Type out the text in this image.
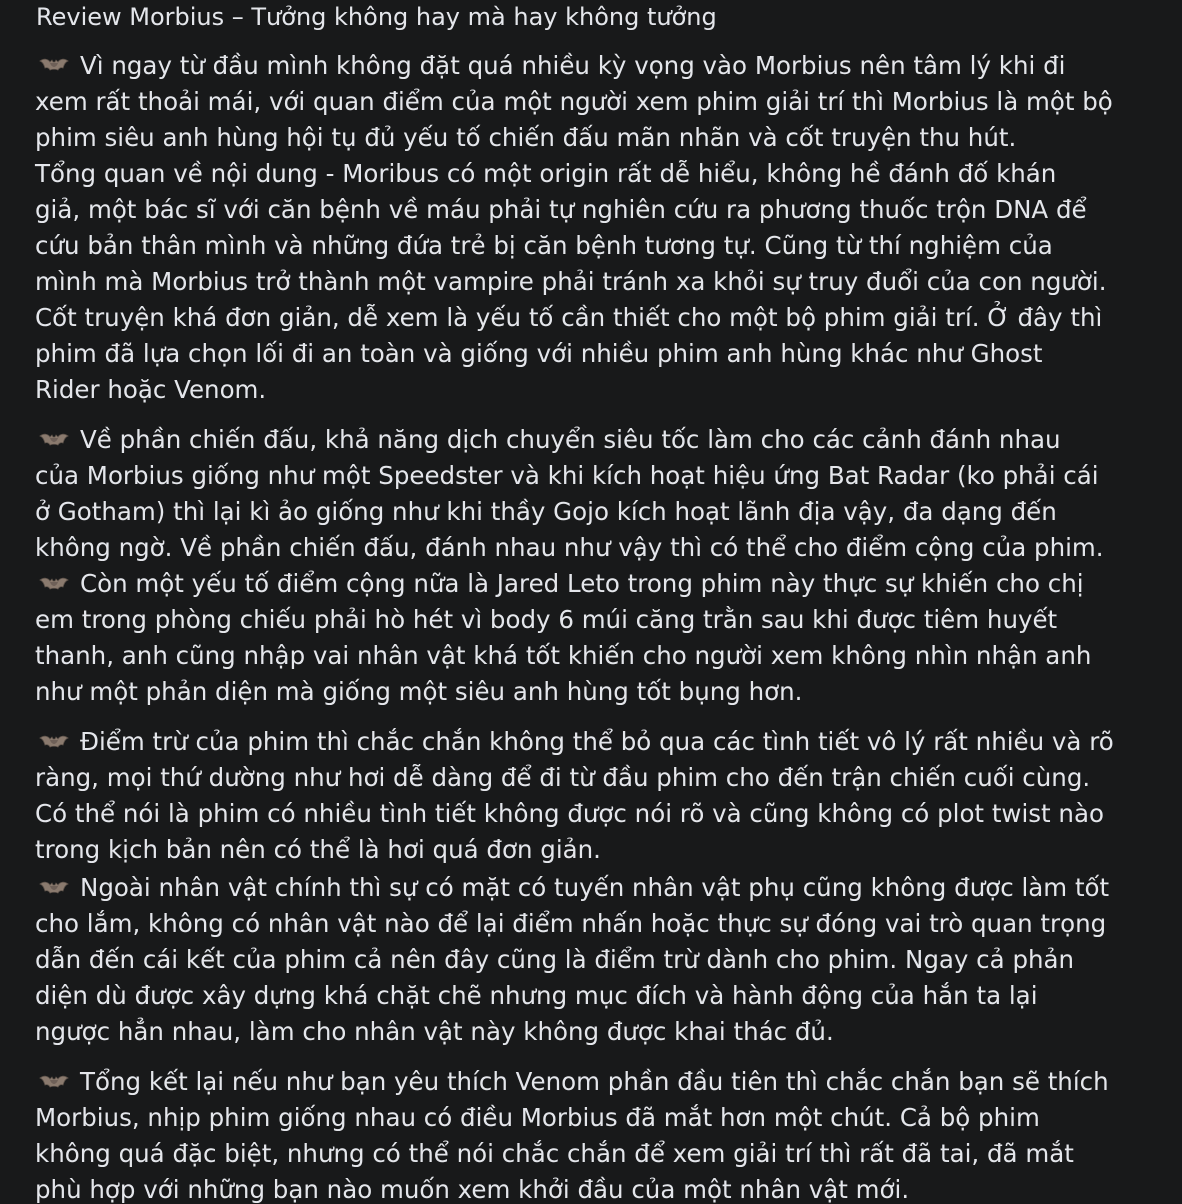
Review Morbius – Tưởng không hay mà hay không tưởng
Vì ngay từ đầu mình không đặt quá nhiều kỳ vọng vào Morbius nên tâm lý khi đi
xem rất thoải mái, với quan điểm của một người xem phim giải trí thì Morbius là một bộ
phim siêu anh hùng hội tụ đủ yếu tố chiến đấu mãn nhãn và cốt truyện thu hút.
Tổng quan về nội dung - Moribus có một origin rất dễ hiểu, không hề đánh đố khán
giả, một bác sĩ với căn bệnh về máu phải tự nghiên cứu ra phương thuốc trộn DNA để
cứu bản thân mình và những đứa trẻ bị căn bệnh tương tự. Cũng từ thí nghiệm của
mình mà Morbius trở thành một vampire phải tránh xa khỏi sự truy đuổi của con người.
Cốt truyện khá đơn giản, dễ xem là yếu tố cần thiết cho một bộ phim giải trí. Ở đây thì
phim đã lựa chọn lối đi an toàn và giống với nhiều phim anh hùng khác như Ghost
Rider hoặc Venom.
Về phần chiến đấu, khả năng dịch chuyển siêu tốc làm cho các cảnh đánh nhau
của Morbius giống như một Speedster và khi kích hoạt hiệu ứng Bat Radar (ko phải cái
ở Gotham) thì lại kì ảo giống như khi thầy Gojo kích hoạt lãnh địa vậy, đa dạng đến
không ngờ. Về phần chiến đấu, đánh nhau như vậy thì có thể cho điểm cộng của phim.
Còn một yếu tố điểm cộng nữa là Jared Leto trong phim này thực sự khiến cho chị
em trong phòng chiếu phải hò hét vì body 6 múi căng trằn sau khi được tiêm huyết
thanh, anh cũng nhập vai nhân vật khá tốt khiến cho người xem không nhìn nhận anh
như một phản diện mà giống một siêu anh hùng tốt bụng hơn.
Điểm trừ của phim thì chắc chắn không thể bỏ qua các tình tiết vô lý rất nhiều và rõ
ràng, mọi thứ dường như hơi dễ dàng để đi từ đầu phim cho đến trận chiến cuối cùng.
Có thể nói là phim có nhiều tình tiết không được nói rõ và cũng không có plot twist nào
trong kịch bản nên có thể là hơi quá đơn giản.
Ngoài nhân vật chính thì sự có mặt có tuyến nhân vật phụ cũng không được làm tốt
cho lắm, không có nhân vật nào để lại điểm nhấn hoặc thực sự đóng vai trò quan trọng
dẫn đến cái kết của phim cả nên đây cũng là điểm trừ dành cho phim. Ngay cả phản
diện dù được xây dựng khá chặt chẽ nhưng mục đích và hành động của hắn ta lại
ngược hẳn nhau, làm cho nhân vật này không được khai thác đủ.
Tổng kết lại nếu như bạn yêu thích Venom phần đầu tiên thì chắc chắn bạn sẽ thích
Morbius, nhịp phim giống nhau có điều Morbius đã mắt hơn một chút. Cả bộ phim
không quá đặc biệt, nhưng có thể nói chắc chắn để xem giải trí thì rất đã tai, đã mắt
phù hợp với những bạn nào muốn xem khởi đầu của một nhân vật mới.
